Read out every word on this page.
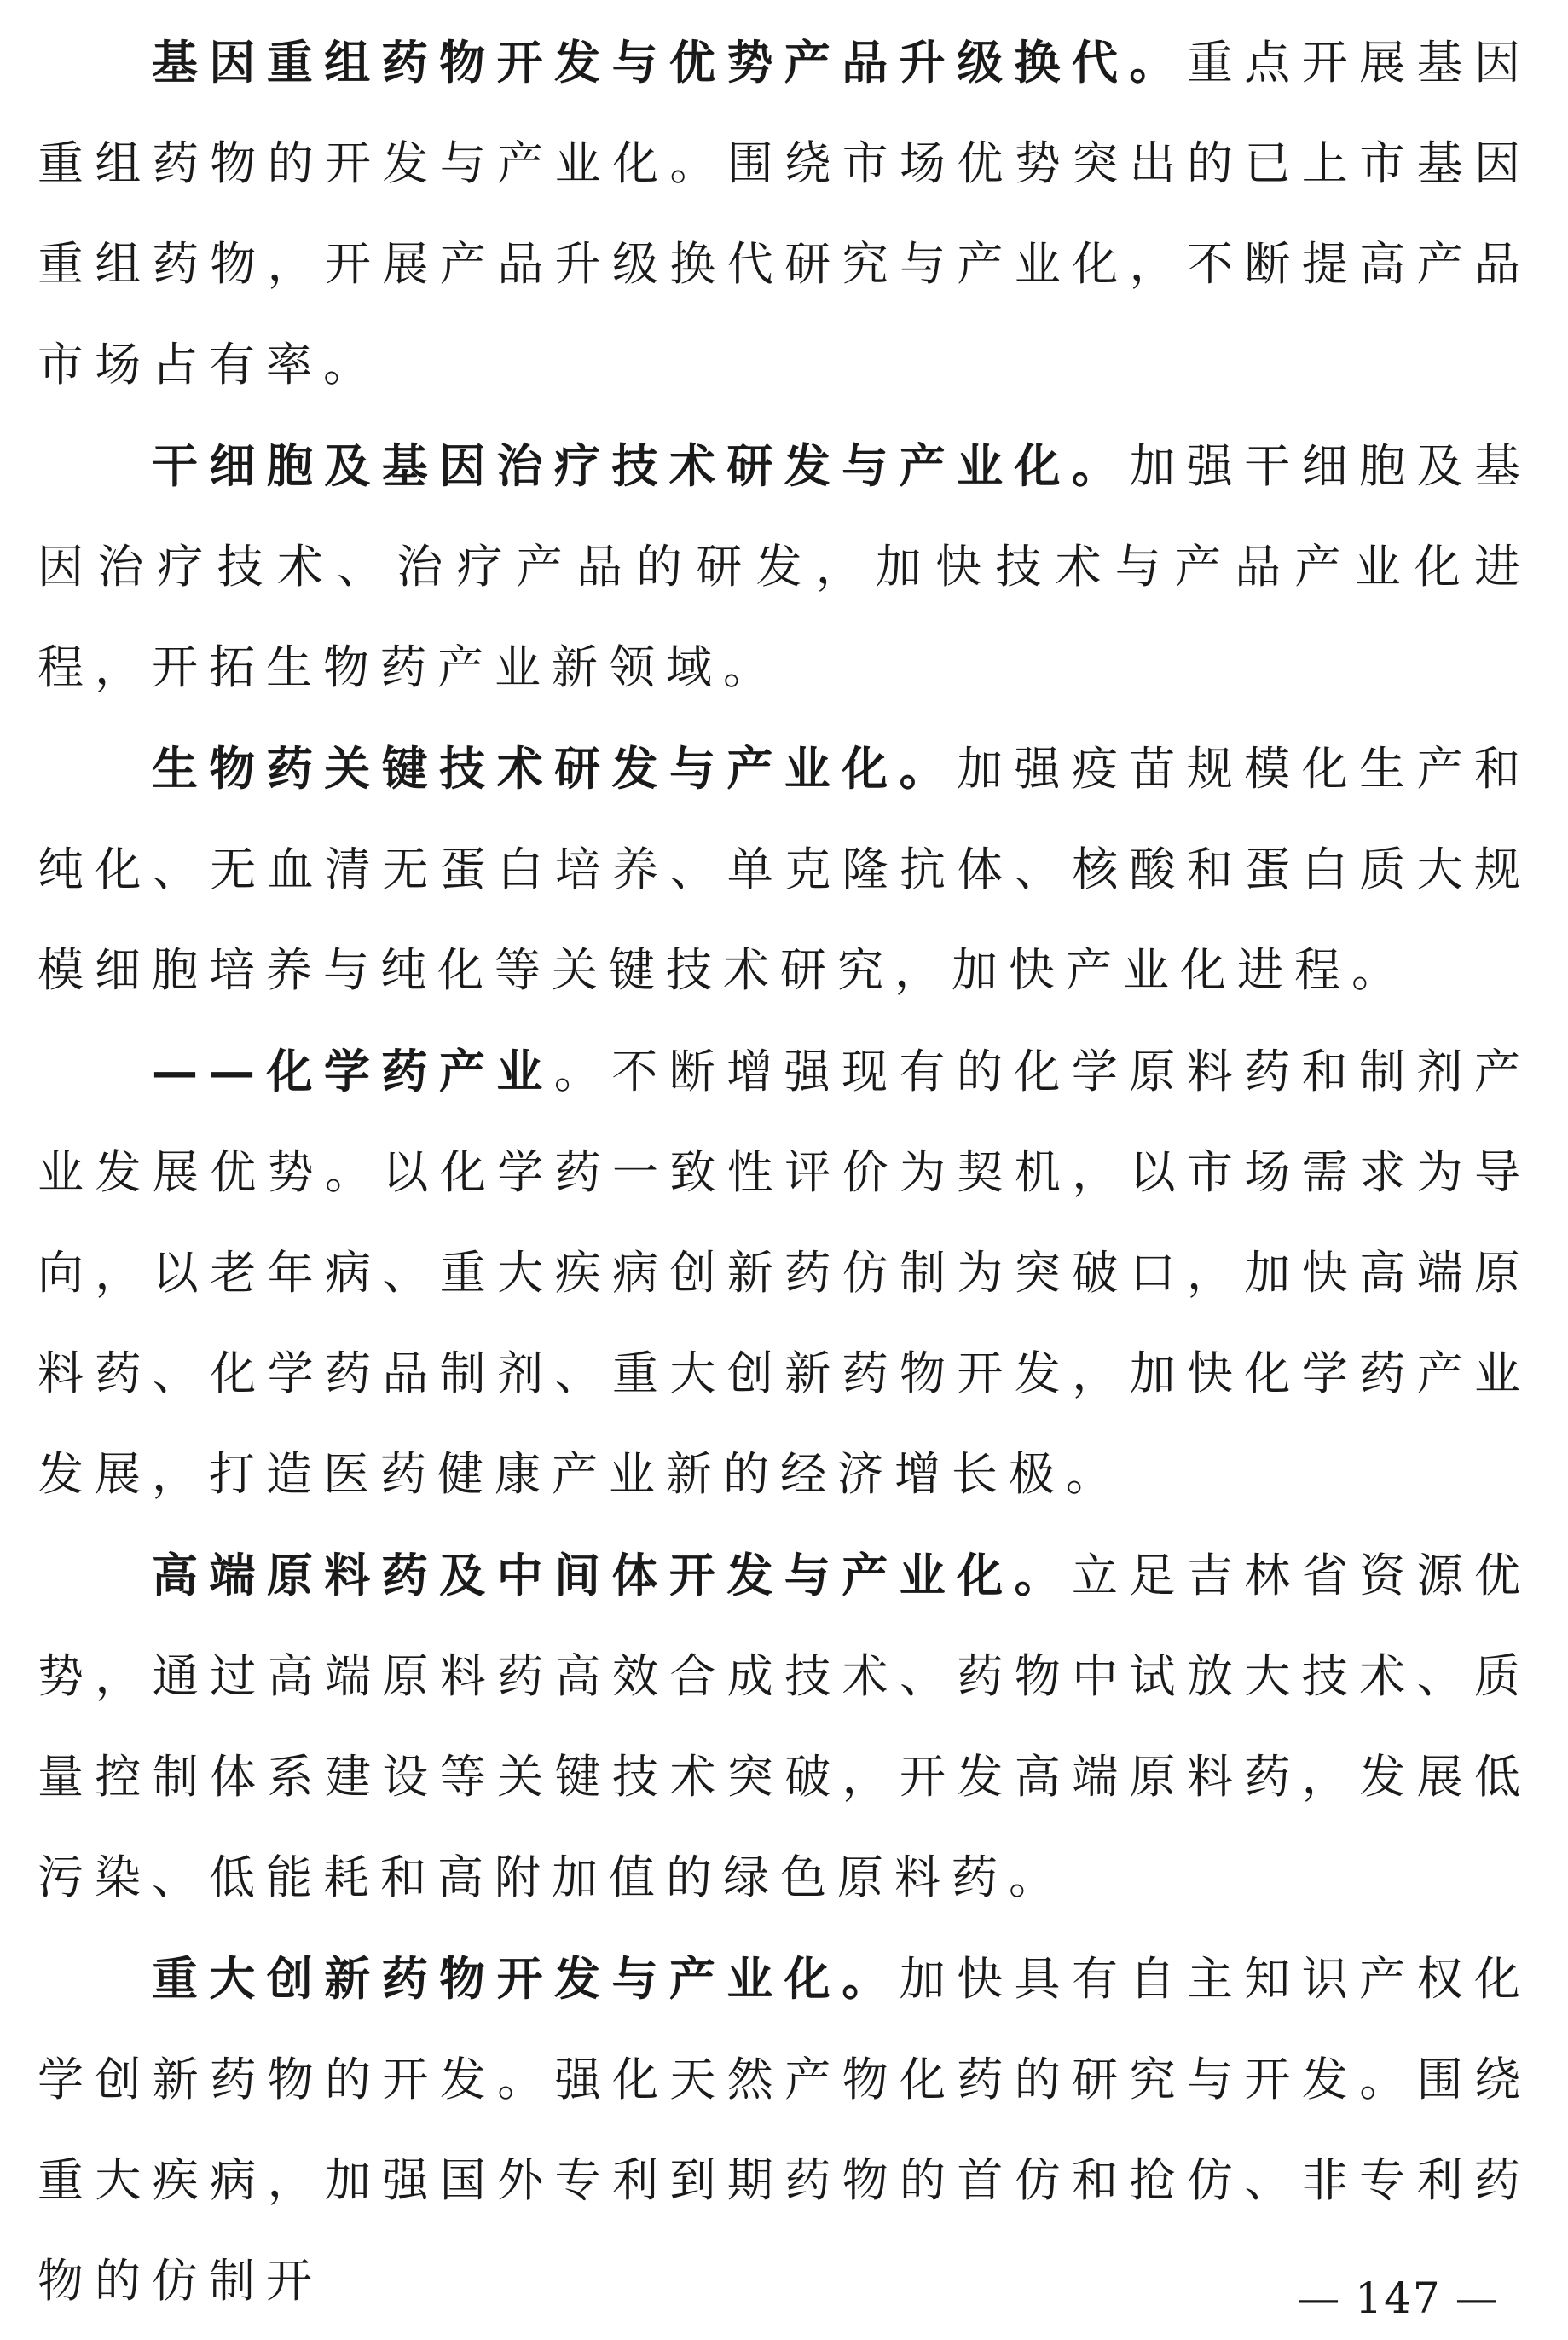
基因重组药物开发与优势产品升级换代。重点开展基因重组药物的开发与产业化。围绕市场优势突出的已上市基因重组药物，开展产品升级换代研究与产业化，不断提高产品市场占有率。

干细胞及基因治疗技术研发与产业化。加强干细胞及基因治疗技术、治疗产品的研发，加快技术与产品产业化进程，开拓生物药产业新领域。

生物药关键技术研发与产业化。加强疫苗规模化生产和纯化、无血清无蛋白培养、单克隆抗体、核酸和蛋白质大规模细胞培养与纯化等关键技术研究，加快产业化进程。

——化学药产业。不断增强现有的化学原料药和制剂产业发展优势。以化学药一致性评价为契机，以市场需求为导向，以老年病、重大疾病创新药仿制为突破口，加快高端原料药、化学药品制剂、重大创新药物开发，加快化学药产业发展，打造医药健康产业新的经济增长极。

高端原料药及中间体开发与产业化。立足吉林省资源优势，通过高端原料药高效合成技术、药物中试放大技术、质量控制体系建设等关键技术突破，开发高端原料药，发展低污染、低能耗和高附加值的绿色原料药。

重大创新药物开发与产业化。加快具有自主知识产权化学创新药物的开发。强化天然产物化药的研究与开发。围绕重大疾病，加强国外专利到期药物的首仿和抢仿、非专利药物的仿制开	— 147 —
